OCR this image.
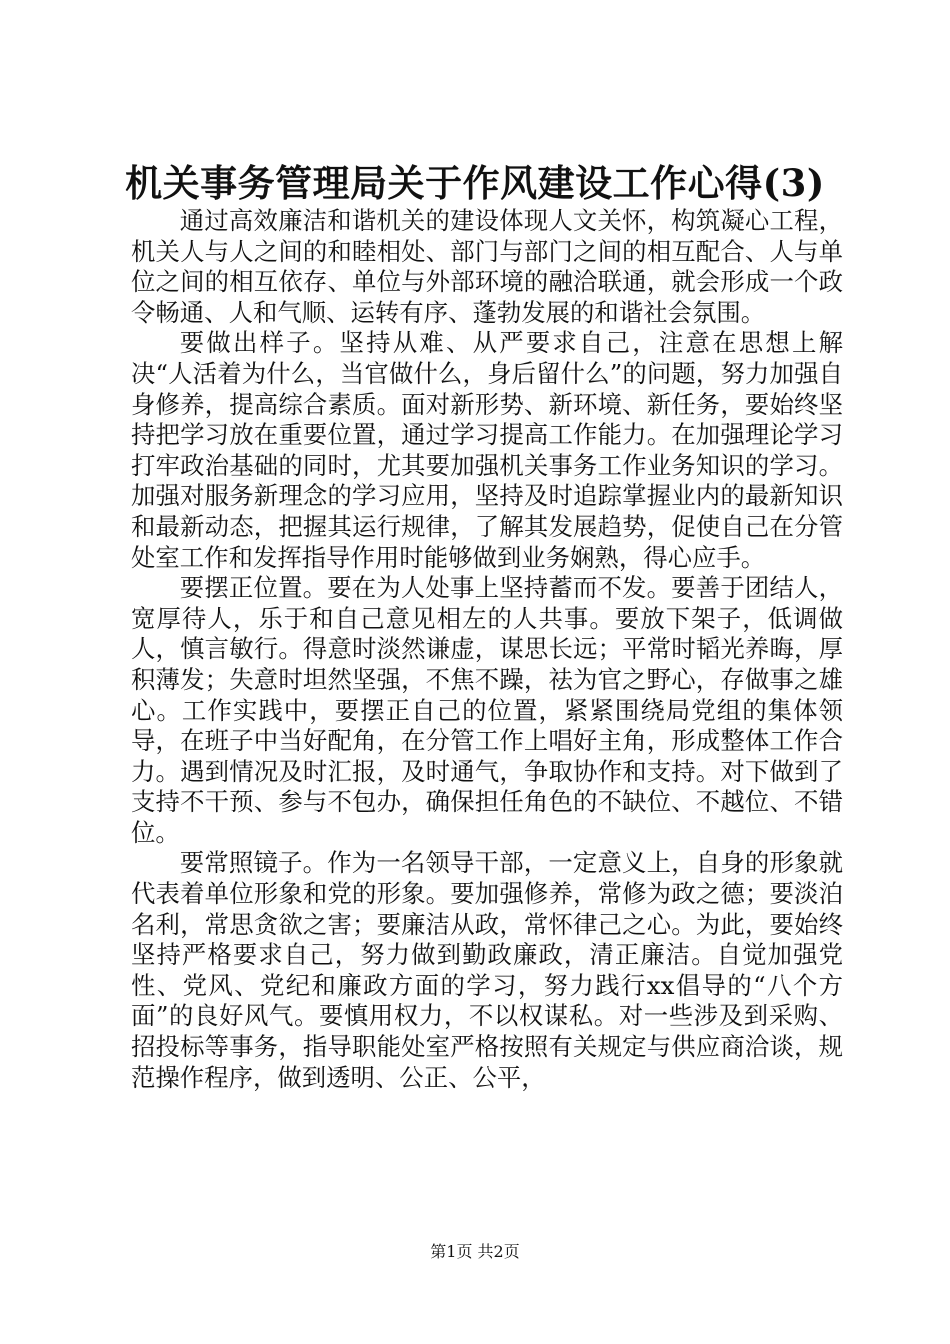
机关事务管理局关于作风建设工作心得(3)

通过高效廉洁和谐机关的建设体现人文关怀，构筑凝心工程，机关人与人之间的和睦相处、部门与部门之间的相互配合、人与单位之间的相互依存、单位与外部环境的融洽联通，就会形成一个政令畅通、人和气顺、运转有序、蓬勃发展的和谐社会氛围。

要做出样子。坚持从难、从严要求自己，注意在思想上解决“人活着为什么，当官做什么，身后留什么”的问题，努力加强自身修养，提高综合素质。面对新形势、新环境、新任务，要始终坚持把学习放在重要位置，通过学习提高工作能力。在加强理论学习打牢政治基础的同时，尤其要加强机关事务工作业务知识的学习。加强对服务新理念的学习应用，坚持及时追踪掌握业内的最新知识和最新动态，把握其运行规律，了解其发展趋势，促使自己在分管处室工作和发挥指导作用时能够做到业务娴熟，得心应手。

要摆正位置。要在为人处事上坚持蓄而不发。要善于团结人，宽厚待人，乐于和自己意见相左的人共事。要放下架子，低调做人，慎言敏行。得意时淡然谦虚，谋思长远；平常时韬光养晦，厚积薄发；失意时坦然坚强，不焦不躁，祛为官之野心，存做事之雄心。工作实践中，要摆正自己的位置，紧紧围绕局党组的集体领导，在班子中当好配角，在分管工作上唱好主角，形成整体工作合力。遇到情况及时汇报，及时通气，争取协作和支持。对下做到了支持不干预、参与不包办，确保担任角色的不缺位、不越位、不错位。

要常照镜子。作为一名领导干部，一定意义上，自身的形象就代表着单位形象和党的形象。要加强修养，常修为政之德；要淡泊名利，常思贪欲之害；要廉洁从政，常怀律己之心。为此，要始终坚持严格要求自己，努力做到勤政廉政，清正廉洁。自觉加强党性、党风、党纪和廉政方面的学习，努力践行xx倡导的“八个方面”的良好风气。要慎用权力，不以权谋私。对一些涉及到采购、招投标等事务，指导职能处室严格按照有关规定与供应商洽谈，规范操作程序，做到透明、公正、公平，

第1页 共2页
